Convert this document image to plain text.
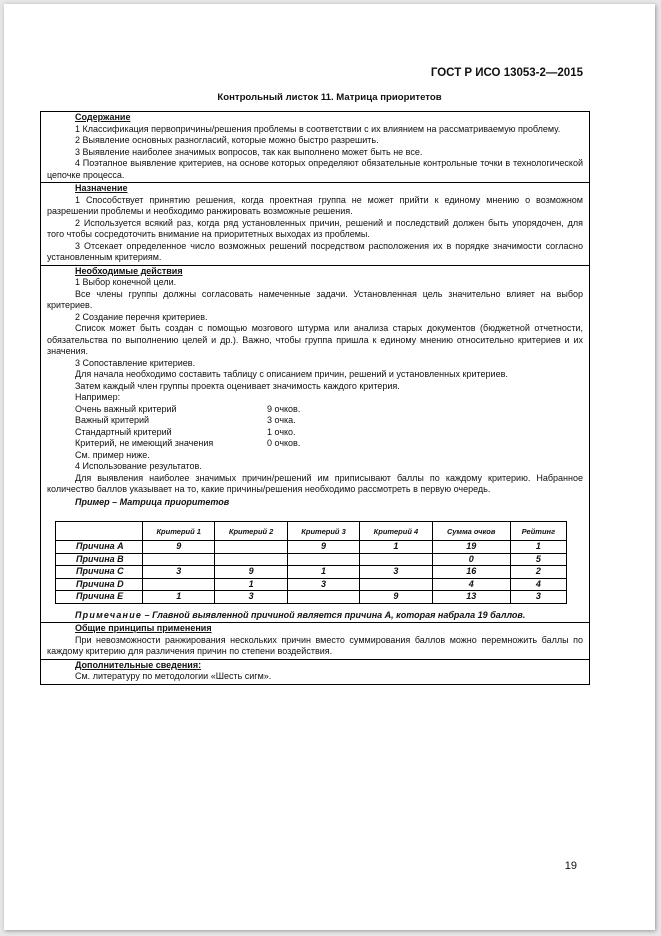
ГОСТ Р ИСО 13053-2—2015
Контрольный листок 11. Матрица приоритетов
Содержание
1 Классификация первопричины/решения проблемы в соответствии с их влиянием на рассматриваемую проблему.
2 Выявление основных разногласий, которые можно быстро разрешить.
3 Выявление наиболее значимых вопросов, так как выполнено может быть не все.
4 Поэтапное выявление критериев, на основе которых определяют обязательные контрольные точки в технологической цепочке процесса.
Назначение
1 Способствует принятию решения, когда проектная группа не может прийти к единому мнению о возможном разрешении проблемы и необходимо ранжировать возможные решения.
2 Используется всякий раз, когда ряд установленных причин, решений и последствий должен быть упорядочен, для того чтобы сосредоточить внимание на приоритетных выходах из проблемы.
3 Отсекает определенное число возможных решений посредством расположения их в порядке значимости согласно установленным критериям.
Необходимые действия
1 Выбор конечной цели.
Все члены группы должны согласовать намеченные задачи. Установленная цель значительно влияет на выбор критериев.
2 Создание перечня критериев.
Список может быть создан с помощью мозгового штурма или анализа старых документов (бюджетной отчетности, обязательства по выполнению целей и др.). Важно, чтобы группа пришла к единому мнению относительно критериев и их значения.
3 Сопоставление критериев.
Для начала необходимо составить таблицу с описанием причин, решений и установленных критериев.
Затем каждый член группы проекта оценивает значимость каждого критерия.
Например:
Очень важный критерий	9 очков.
Важный критерий	3 очка.
Стандартный критерий	1 очко.
Критерий, не имеющий значения	0 очков.
См. пример ниже.
4 Использование результатов.
Для выявления наиболее значимых причин/решений им приписывают баллы по каждому критерию. Набранное количество баллов указывает на то, какие причины/решения необходимо рассмотреть в первую очередь.
Пример – Матрица приоритетов
	Критерий 1	Критерий 2	Критерий 3	Критерий 4	Сумма очков	Рейтинг
Причина A	9		9	1	19	1
Причина B					0	5
Причина C	3	9	1	3	16	2
Причина D		1	3		4	4
Причина E	1	3		9	13	3
Примечание – Главной выявленной причиной является причина A, которая набрала 19 баллов.
Общие принципы применения
При невозможности ранжирования нескольких причин вместо суммирования баллов можно перемножить баллы по каждому критерию для различения причин по степени воздействия.
Дополнительные сведения:
См. литературу по методологии «Шесть сигм».
19
